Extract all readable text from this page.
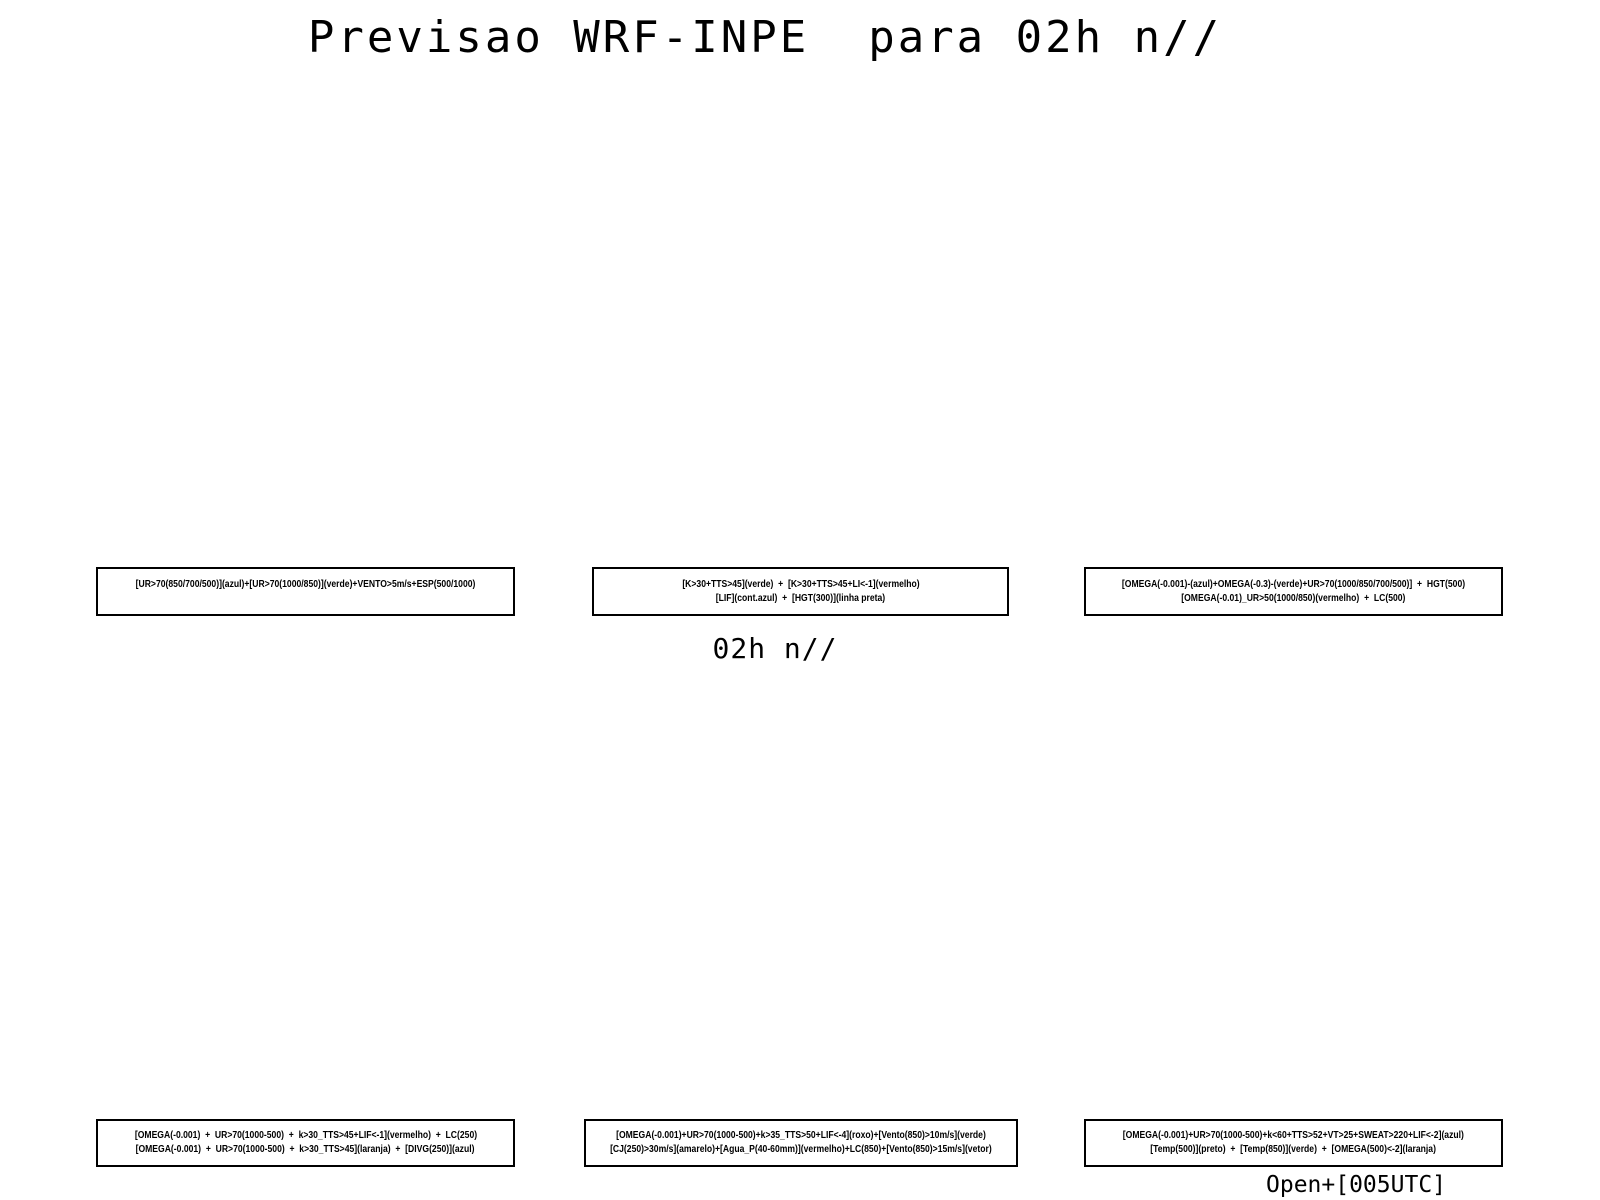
Previsao WRF-INPE  para 02h n//
[UR>70(850/700/500)](azul)+[UR>70(1000/850)](verde)+VENTO>5m/s+ESP(500/1000)	[K>30+TTS>45](verde)  +  [K>30+TTS>45+LI<-1](vermelho)
[LIF](cont.azul)  +  [HGT(300)](linha preta)
[OMEGA(-0.001)-(azul)+OMEGA(-0.3)-(verde)+UR>70(1000/850/700/500)]  +  HGT(500)
[OMEGA(-0.01)_UR>50(1000/850)(vermelho)  +  LC(500)
02h n//
[OMEGA(-0.001)  +  UR>70(1000-500)  +  k>30_TTS>45+LIF<-1](vermelho)  +  LC(250)
[OMEGA(-0.001)  +  UR>70(1000-500)  +  k>30_TTS>45](laranja)  +  [DIVG(250)](azul)
[OMEGA(-0.001)+UR>70(1000-500)+k>35_TTS>50+LIF<-4](roxo)+[Vento(850)>10m/s](verde)
[CJ(250)>30m/s](amarelo)+[Agua_P(40-60mm)](vermelho)+LC(850)+[Vento(850)>15m/s](vetor)
[OMEGA(-0.001)+UR>70(1000-500)+k<60+TTS>52+VT>25+SWEAT>220+LIF<-2](azul)
[Temp(500)](preto)  +  [Temp(850)](verde)  +  [OMEGA(500)<-2](laranja)
Open+[005UTC]
